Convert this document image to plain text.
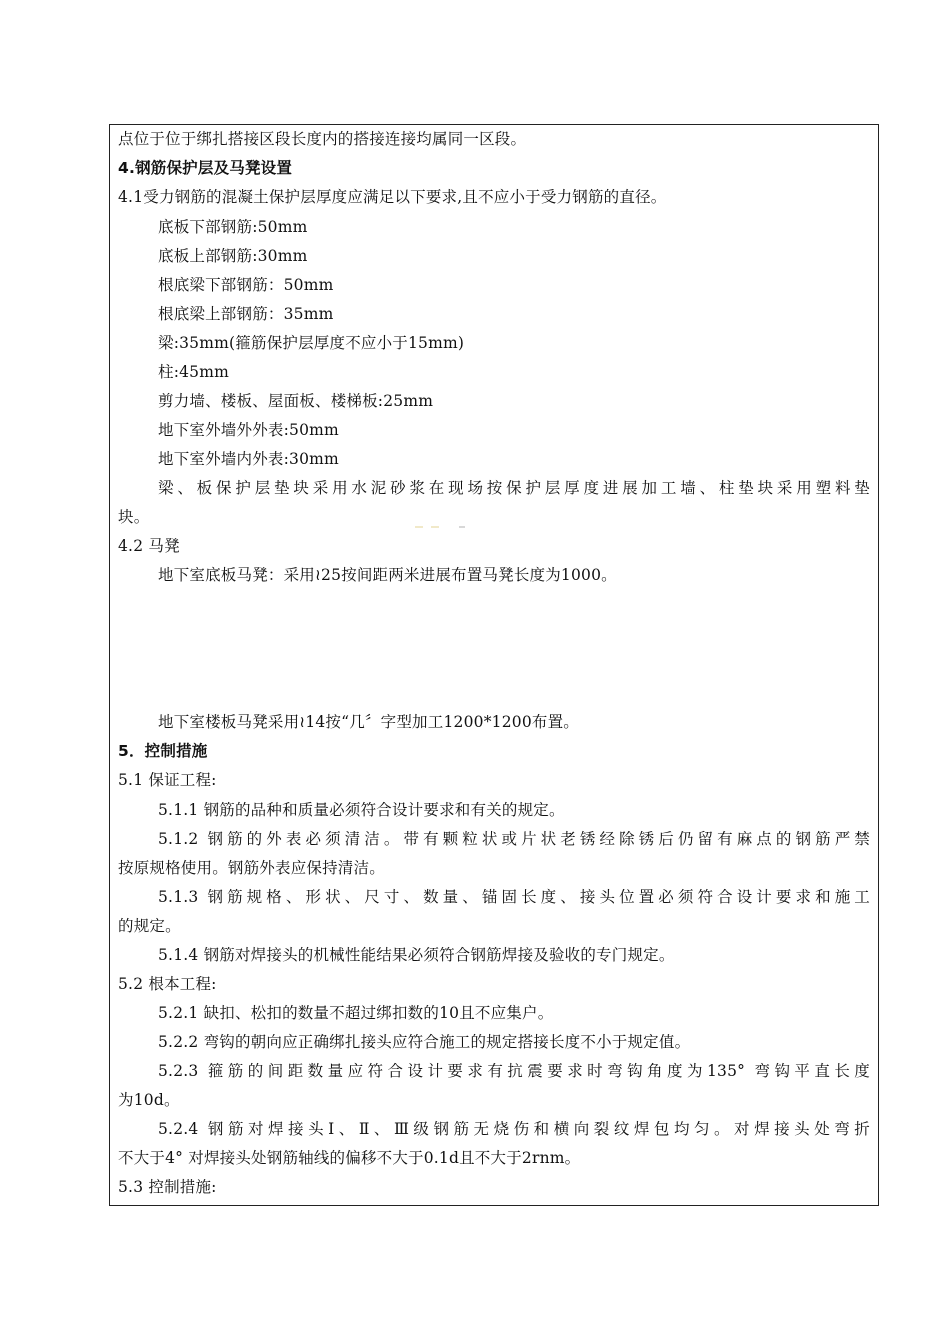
点位于位于绑扎搭接区段长度内的搭接连接均属同一区段。
4.钢筋保护层及马凳设置
4.1受力钢筋的混凝土保护层厚度应满足以下要求,且不应小于受力钢筋的直径。
底板下部钢筋:50mm
底板上部钢筋:30mm
根底梁下部钢筋：50mm
根底梁上部钢筋：35mm
梁:35mm(箍筋保护层厚度不应小于15mm)
柱:45mm
剪力墙、楼板、屋面板、楼梯板:25mm
地下室外墙外外表:50mm
地下室外墙内外表:30mm
梁、板保护层垫块采用水泥砂浆在现场按保护层厚度进展加工墙、柱垫块采用塑料垫
块。
4.2 马凳
地下室底板马凳：采用≀25按间距两米进展布置马凳长度为1000。
地下室楼板马凳采用≀14按“几〞字型加工1200*1200布置。
5．控制措施
5.1 保证工程:
5.1.1 钢筋的品种和质量必须符合设计要求和有关的规定。
5.1.2 钢筋的外表必须清洁。带有颗粒状或片状老锈经除锈后仍留有麻点的钢筋严禁
按原规格使用。钢筋外表应保持清洁。
5.1.3 钢筋规格、形状、尺寸、数量、锚固长度、接头位置必须符合设计要求和施工
的规定。
5.1.4 钢筋对焊接头的机械性能结果必须符合钢筋焊接及验收的专门规定。
5.2 根本工程:
5.2.1 缺扣、松扣的数量不超过绑扣数的10且不应集户。
5.2.2 弯钩的朝向应正确绑扎接头应符合施工的规定搭接长度不小于规定值。
5.2.3 箍筋的间距数量应符合设计要求有抗震要求时弯钩角度为135° 弯钩平直长度
为10d。
5.2.4 钢筋对焊接头Ⅰ、Ⅱ、Ⅲ级钢筋无烧伤和横向裂纹焊包均匀。对焊接头处弯折
不大于4° 对焊接头处钢筋轴线的偏移不大于0.1d且不大于2rnm。
5.3 控制措施:
